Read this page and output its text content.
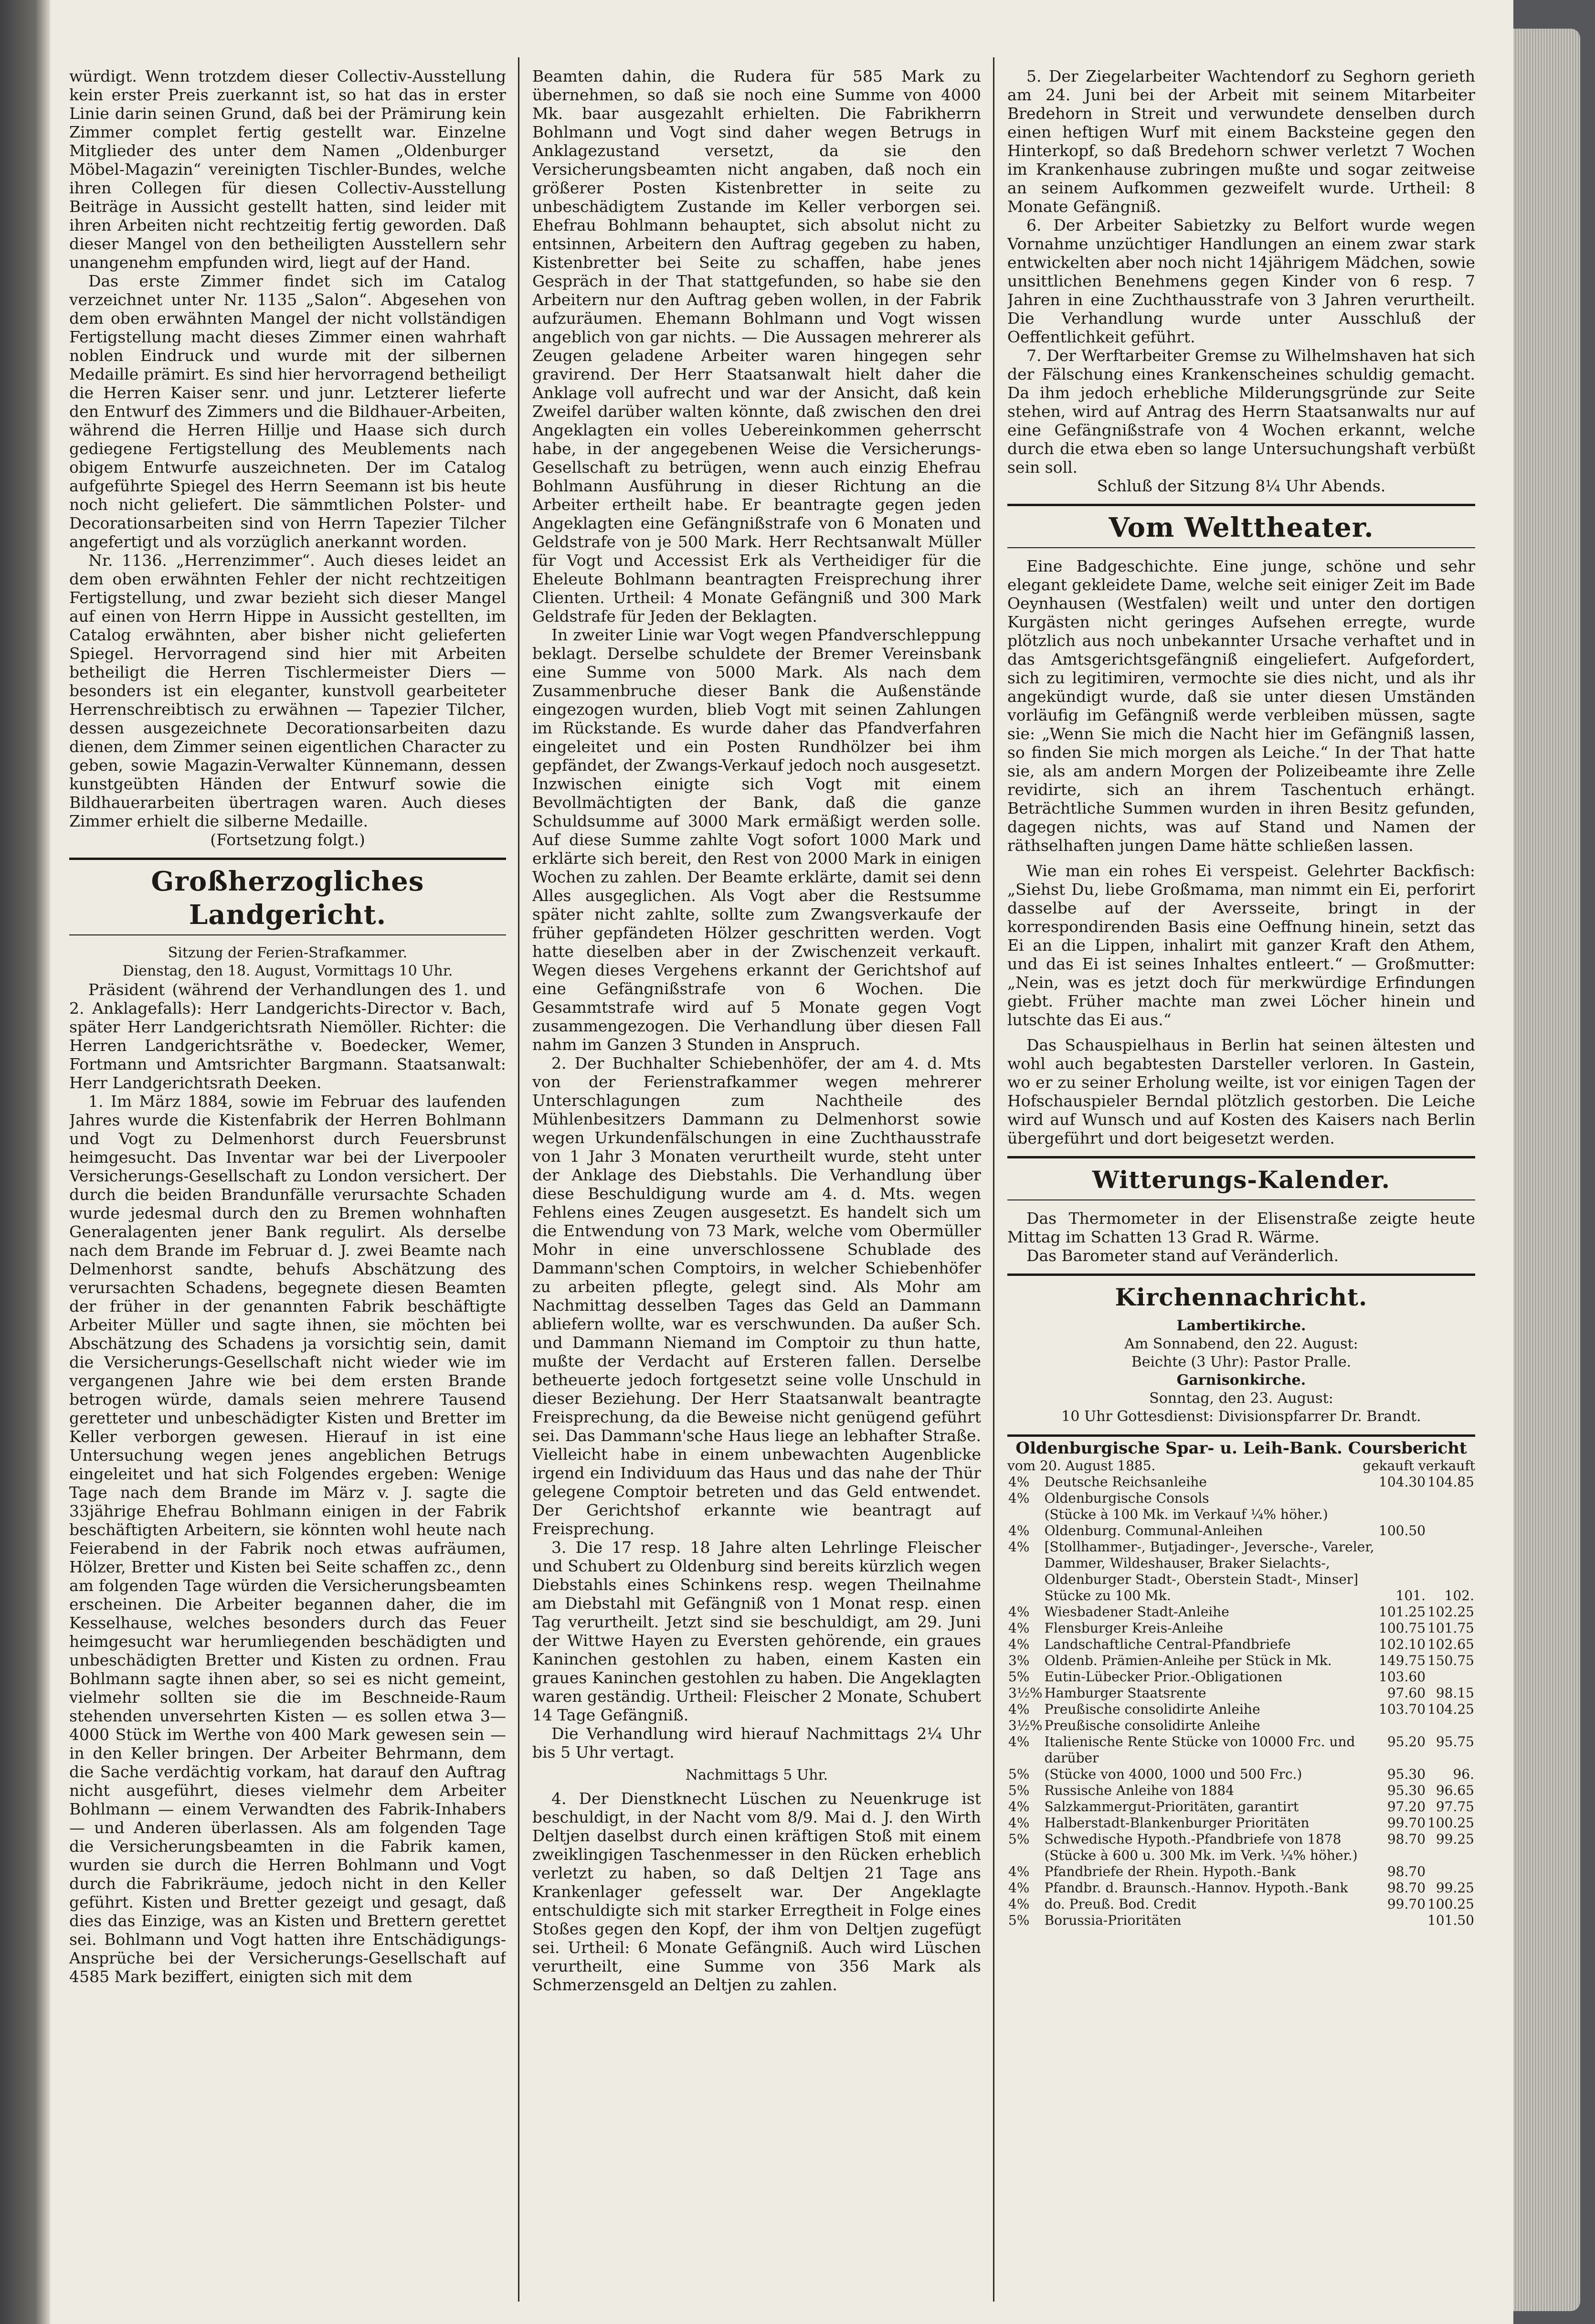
würdigt. Wenn trotzdem dieser Collectiv-Ausstellung kein erster Preis zuerkannt ist, so hat das in erster Linie darin seinen Grund, daß bei der Prämirung kein Zimmer complet fertig gestellt war. Einzelne Mitglieder des unter dem Namen „Oldenburger Möbel-Magazin“ vereinigten Tischler-Bundes, welche ihren Collegen für diesen Collectiv-Ausstellung Beiträge in Aussicht gestellt hatten, sind leider mit ihren Arbeiten nicht rechtzeitig fertig geworden. Daß dieser Mangel von den betheiligten Ausstellern sehr unangenehm empfunden wird, liegt auf der Hand.

Das erste Zimmer findet sich im Catalog verzeichnet unter Nr. 1135 „Salon“. Abgesehen von dem oben erwähnten Mangel der nicht vollständigen Fertigstellung macht dieses Zimmer einen wahrhaft noblen Eindruck und wurde mit der silbernen Medaille prämirt. Es sind hier hervorragend betheiligt die Herren Kaiser senr. und junr. Letzterer lieferte den Entwurf des Zimmers und die Bildhauer-Arbeiten, während die Herren Hillje und Haase sich durch gediegene Fertigstellung des Meublements nach obigem Entwurfe auszeichneten. Der im Catalog aufgeführte Spiegel des Herrn Seemann ist bis heute noch nicht geliefert. Die sämmtlichen Polster- und Decorationsarbeiten sind von Herrn Tapezier Tilcher angefertigt und als vorzüglich anerkannt worden.

Nr. 1136. „Herrenzimmer“. Auch dieses leidet an dem oben erwähnten Fehler der nicht rechtzeitigen Fertigstellung, und zwar bezieht sich dieser Mangel auf einen von Herrn Hippe in Aussicht gestellten, im Catalog erwähnten, aber bisher nicht gelieferten Spiegel. Hervorragend sind hier mit Arbeiten betheiligt die Herren Tischlermeister Diers — besonders ist ein eleganter, kunstvoll gearbeiteter Herrenschreibtisch zu erwähnen — Tapezier Tilcher, dessen ausgezeichnete Decorationsarbeiten dazu dienen, dem Zimmer seinen eigentlichen Character zu geben, sowie Magazin-Verwalter Künnemann, dessen kunstgeübten Händen der Entwurf sowie die Bildhauerarbeiten übertragen waren. Auch dieses Zimmer erhielt die silberne Medaille.

(Fortsetzung folgt.)

Großherzogliches Landgericht.
Sitzung der Ferien-Strafkammer.
Dienstag, den 18. August, Vormittags 10 Uhr.

Präsident (während der Verhandlungen des 1. und 2. Anklagefalls): Herr Landgerichts-Director v. Bach, später Herr Landgerichtsrath Niemöller. Richter: die Herren Landgerichtsräthe v. Boedecker, Wemer, Fortmann und Amtsrichter Bargmann. Staatsanwalt: Herr Landgerichtsrath Deeken.

1. Im März 1884, sowie im Februar des laufenden Jahres wurde die Kistenfabrik der Herren Bohlmann und Vogt zu Delmenhorst durch Feuersbrunst heimgesucht. Das Inventar war bei der Liverpooler Versicherungs-Gesellschaft zu London versichert. Der durch die beiden Brandunfälle verursachte Schaden wurde jedesmal durch den zu Bremen wohnhaften Generalagenten jener Bank regulirt. Als derselbe nach dem Brande im Februar d. J. zwei Beamte nach Delmenhorst sandte, behufs Abschätzung des verursachten Schadens, begegnete diesen Beamten der früher in der genannten Fabrik beschäftigte Arbeiter Müller und sagte ihnen, sie möchten bei Abschätzung des Schadens ja vorsichtig sein, damit die Versicherungs-Gesellschaft nicht wieder wie im vergangenen Jahre wie bei dem ersten Brande betrogen würde, damals seien mehrere Tausend geretteter und unbeschädigter Kisten und Bretter im Keller verborgen gewesen. Hierauf in ist eine Untersuchung wegen jenes angeblichen Betrugs eingeleitet und hat sich Folgendes ergeben: Wenige Tage nach dem Brande im März v. J. sagte die 33jährige Ehefrau Bohlmann einigen in der Fabrik beschäftigten Arbeitern, sie könnten wohl heute nach Feierabend in der Fabrik noch etwas aufräumen, Hölzer, Bretter und Kisten bei Seite schaffen zc., denn am folgenden Tage würden die Versicherungsbeamten erscheinen. Die Arbeiter begannen daher, die im Kesselhause, welches besonders durch das Feuer heimgesucht war herumliegenden beschädigten und unbeschädigten Bretter und Kisten zu ordnen. Frau Bohlmann sagte ihnen aber, so sei es nicht gemeint, vielmehr sollten sie die im Beschneide-Raum stehenden unversehrten Kisten — es sollen etwa 3—4000 Stück im Werthe von 400 Mark gewesen sein — in den Keller bringen. Der Arbeiter Behrmann, dem die Sache verdächtig vorkam, hat darauf den Auftrag nicht ausgeführt, dieses vielmehr dem Arbeiter Bohlmann — einem Verwandten des Fabrik-Inhabers — und Anderen überlassen. Als am folgenden Tage die Versicherungsbeamten in die Fabrik kamen, wurden sie durch die Herren Bohlmann und Vogt durch die Fabrikräume, jedoch nicht in den Keller geführt. Kisten und Bretter gezeigt und gesagt, daß dies das Einzige, was an Kisten und Brettern gerettet sei. Bohlmann und Vogt hatten ihre Entschädigungs-Ansprüche bei der Versicherungs-Gesellschaft auf 4585 Mark beziffert, einigten sich mit dem

Beamten dahin, die Rudera für 585 Mark zu übernehmen, so daß sie noch eine Summe von 4000 Mk. baar ausgezahlt erhielten. Die Fabrikherrn Bohlmann und Vogt sind daher wegen Betrugs in Anklagezustand versetzt, da sie den Versicherungsbeamten nicht angaben, daß noch ein größerer Posten Kistenbretter in seite zu unbeschädigtem Zustande im Keller verborgen sei. Ehefrau Bohlmann behauptet, sich absolut nicht zu entsinnen, Arbeitern den Auftrag gegeben zu haben, Kistenbretter bei Seite zu schaffen, habe jenes Gespräch in der That stattgefunden, so habe sie den Arbeitern nur den Auftrag geben wollen, in der Fabrik aufzuräumen. Ehemann Bohlmann und Vogt wissen angeblich von gar nichts. — Die Aussagen mehrerer als Zeugen geladene Arbeiter waren hingegen sehr gravirend. Der Herr Staatsanwalt hielt daher die Anklage voll aufrecht und war der Ansicht, daß kein Zweifel darüber walten könnte, daß zwischen den drei Angeklagten ein volles Uebereinkommen geherrscht habe, in der angegebenen Weise die Versicherungs-Gesellschaft zu betrügen, wenn auch einzig Ehefrau Bohlmann Ausführung in dieser Richtung an die Arbeiter ertheilt habe. Er beantragte gegen jeden Angeklagten eine Gefängnißstrafe von 6 Monaten und Geldstrafe von je 500 Mark. Herr Rechtsanwalt Müller für Vogt und Accessist Erk als Vertheidiger für die Eheleute Bohlmann beantragten Freisprechung ihrer Clienten. Urtheil: 4 Monate Gefängniß und 300 Mark Geldstrafe für Jeden der Beklagten.

In zweiter Linie war Vogt wegen Pfandverschleppung beklagt. Derselbe schuldete der Bremer Vereinsbank eine Summe von 5000 Mark. Als nach dem Zusammenbruche dieser Bank die Außenstände eingezogen wurden, blieb Vogt mit seinen Zahlungen im Rückstande. Es wurde daher das Pfandverfahren eingeleitet und ein Posten Rundhölzer bei ihm gepfändet, der Zwangs-Verkauf jedoch noch ausgesetzt. Inzwischen einigte sich Vogt mit einem Bevollmächtigten der Bank, daß die ganze Schuldsumme auf 3000 Mark ermäßigt werden solle. Auf diese Summe zahlte Vogt sofort 1000 Mark und erklärte sich bereit, den Rest von 2000 Mark in einigen Wochen zu zahlen. Der Beamte erklärte, damit sei denn Alles ausgeglichen. Als Vogt aber die Restsumme später nicht zahlte, sollte zum Zwangsverkaufe der früher gepfändeten Hölzer geschritten werden. Vogt hatte dieselben aber in der Zwischenzeit verkauft. Wegen dieses Vergehens erkannt der Gerichtshof auf eine Gefängnißstrafe von 6 Wochen. Die Gesammtstrafe wird auf 5 Monate gegen Vogt zusammengezogen. Die Verhandlung über diesen Fall nahm im Ganzen 3 Stunden in Anspruch.

2. Der Buchhalter Schiebenhöfer, der am 4. d. Mts von der Ferienstrafkammer wegen mehrerer Unterschlagungen zum Nachtheile des Mühlenbesitzers Dammann zu Delmenhorst sowie wegen Urkundenfälschungen in eine Zuchthausstrafe von 1 Jahr 3 Monaten verurtheilt wurde, steht unter der Anklage des Diebstahls. Die Verhandlung über diese Beschuldigung wurde am 4. d. Mts. wegen Fehlens eines Zeugen ausgesetzt. Es handelt sich um die Entwendung von 73 Mark, welche vom Obermüller Mohr in eine unverschlossene Schublade des Dammann'schen Comptoirs, in welcher Schiebenhöfer zu arbeiten pflegte, gelegt sind. Als Mohr am Nachmittag desselben Tages das Geld an Dammann abliefern wollte, war es verschwunden. Da außer Sch. und Dammann Niemand im Comptoir zu thun hatte, mußte der Verdacht auf Ersteren fallen. Derselbe betheuerte jedoch fortgesetzt seine volle Unschuld in dieser Beziehung. Der Herr Staatsanwalt beantragte Freisprechung, da die Beweise nicht genügend geführt sei. Das Dammann'sche Haus liege an lebhafter Straße. Vielleicht habe in einem unbewachten Augenblicke irgend ein Individuum das Haus und das nahe der Thür gelegene Comptoir betreten und das Geld entwendet. Der Gerichtshof erkannte wie beantragt auf Freisprechung.

3. Die 17 resp. 18 Jahre alten Lehrlinge Fleischer und Schubert zu Oldenburg sind bereits kürzlich wegen Diebstahls eines Schinkens resp. wegen Theilnahme am Diebstahl mit Gefängniß von 1 Monat resp. einen Tag verurtheilt. Jetzt sind sie beschuldigt, am 29. Juni der Wittwe Hayen zu Eversten gehörende, ein graues Kaninchen gestohlen zu haben, einem Kasten ein graues Kaninchen gestohlen zu haben. Die Angeklagten waren geständig. Urtheil: Fleischer 2 Monate, Schubert 14 Tage Gefängniß.

Die Verhandlung wird hierauf Nachmittags 2¼ Uhr bis 5 Uhr vertagt.

Nachmittags 5 Uhr.

4. Der Dienstknecht Lüschen zu Neuenkruge ist beschuldigt, in der Nacht vom 8/9. Mai d. J. den Wirth Deltjen daselbst durch einen kräftigen Stoß mit einem zweiklingigen Taschenmesser in den Rücken erheblich verletzt zu haben, so daß Deltjen 21 Tage ans Krankenlager gefesselt war. Der Angeklagte entschuldigte sich mit starker Erregtheit in Folge eines Stoßes gegen den Kopf, der ihm von Deltjen zugefügt sei. Urtheil: 6 Monate Gefängniß. Auch wird Lüschen verurtheilt, eine Summe von 356 Mark als Schmerzensgeld an Deltjen zu zahlen.

5. Der Ziegelarbeiter Wachtendorf zu Seghorn gerieth am 24. Juni bei der Arbeit mit seinem Mitarbeiter Bredehorn in Streit und verwundete denselben durch einen heftigen Wurf mit einem Backsteine gegen den Hinterkopf, so daß Bredehorn schwer verletzt 7 Wochen im Krankenhause zubringen mußte und sogar zeitweise an seinem Aufkommen gezweifelt wurde. Urtheil: 8 Monate Gefängniß.

6. Der Arbeiter Sabietzky zu Belfort wurde wegen Vornahme unzüchtiger Handlungen an einem zwar stark entwickelten aber noch nicht 14jährigem Mädchen, sowie unsittlichen Benehmens gegen Kinder von 6 resp. 7 Jahren in eine Zuchthausstrafe von 3 Jahren verurtheilt. Die Verhandlung wurde unter Ausschluß der Oeffentlichkeit geführt.

7. Der Werftarbeiter Gremse zu Wilhelmshaven hat sich der Fälschung eines Krankenscheines schuldig gemacht. Da ihm jedoch erhebliche Milderungsgründe zur Seite stehen, wird auf Antrag des Herrn Staatsanwalts nur auf eine Gefängnißstrafe von 4 Wochen erkannt, welche durch die etwa eben so lange Untersuchungshaft verbüßt sein soll.

Schluß der Sitzung 8¼ Uhr Abends.

Vom Welttheater.

Eine Badgeschichte. Eine junge, schöne und sehr elegant gekleidete Dame, welche seit einiger Zeit im Bade Oeynhausen (Westfalen) weilt und unter den dortigen Kurgästen nicht geringes Aufsehen erregte, wurde plötzlich aus noch unbekannter Ursache verhaftet und in das Amtsgerichtsgefängniß eingeliefert. Aufgefordert, sich zu legitimiren, vermochte sie dies nicht, und als ihr angekündigt wurde, daß sie unter diesen Umständen vorläufig im Gefängniß werde verbleiben müssen, sagte sie: „Wenn Sie mich die Nacht hier im Gefängniß lassen, so finden Sie mich morgen als Leiche.“ In der That hatte sie, als am andern Morgen der Polizeibeamte ihre Zelle revidirte, sich an ihrem Taschentuch erhängt. Beträchtliche Summen wurden in ihren Besitz gefunden, dagegen nichts, was auf Stand und Namen der räthselhaften jungen Dame hätte schließen lassen.

Wie man ein rohes Ei verspeist. Gelehrter Backfisch: „Siehst Du, liebe Großmama, man nimmt ein Ei, perforirt dasselbe auf der Aversseite, bringt in der korrespondirenden Basis eine Oeffnung hinein, setzt das Ei an die Lippen, inhalirt mit ganzer Kraft den Athem, und das Ei ist seines Inhaltes entleert.“ — Großmutter: „Nein, was es jetzt doch für merkwürdige Erfindungen giebt. Früher machte man zwei Löcher hinein und lutschte das Ei aus.“

Das Schauspielhaus in Berlin hat seinen ältesten und wohl auch begabtesten Darsteller verloren. In Gastein, wo er zu seiner Erholung weilte, ist vor einigen Tagen der Hofschauspieler Berndal plötzlich gestorben. Die Leiche wird auf Wunsch und auf Kosten des Kaisers nach Berlin übergeführt und dort beigesetzt werden.

Witterungs-Kalender.

Das Thermometer in der Elisenstraße zeigte heute Mittag im Schatten 13 Grad R. Wärme.

Das Barometer stand auf Veränderlich.

Kirchennachricht.
Lambertikirche.
Am Sonnabend, den 22. August:
Beichte (3 Uhr): Pastor Pralle.
Garnisonkirche.
Sonntag, den 23. August:
10 Uhr Gottesdienst: Divisionspfarrer Dr. Brandt.
Oldenburgische Spar- u. Leih-Bank. Coursbericht
vom 20. August 1885.	gekauft verkauft
4%	Deutsche Reichsanleihe	104.30	104.85
4%	Oldenburgische Consols		
	(Stücke à 100 Mk. im Verkauf ¼% höher.)		
4%	Oldenburg. Communal-Anleihen	100.50	
4%	[Stollhammer-, Butjadinger-, Jeversche-, Vareler, Dammer, Wildeshauser, Braker Sielachts-, Oldenburger Stadt-, Oberstein Stadt-, Minser]		
	Stücke zu 100 Mk.	101.	102.
4%	Wiesbadener Stadt-Anleihe	101.25	102.25
4%	Flensburger Kreis-Anleihe	100.75	101.75
4%	Landschaftliche Central-Pfandbriefe	102.10	102.65
3%	Oldenb. Prämien-Anleihe per Stück in Mk.	149.75	150.75
5%	Eutin-Lübecker Prior.-Obligationen	103.60	
3½%	Hamburger Staatsrente	97.60	98.15
4%	Preußische consolidirte Anleihe	103.70	104.25
3½%	Preußische consolidirte Anleihe		
4%	Italienische Rente Stücke von 10000 Frc. und darüber	95.20	95.75
5%	(Stücke von 4000, 1000 und 500 Frc.)	95.30	96.
5%	Russische Anleihe von 1884	95.30	96.65
4%	Salzkammergut-Prioritäten, garantirt	97.20	97.75
4%	Halberstadt-Blankenburger Prioritäten	99.70	100.25
5%	Schwedische Hypoth.-Pfandbriefe von 1878	98.70	99.25
	(Stücke à 600 u. 300 Mk. im Verk. ¼% höher.)		
4%	Pfandbriefe der Rhein. Hypoth.-Bank	98.70	
4%	Pfandbr. d. Braunsch.-Hannov. Hypoth.-Bank	98.70	99.25
4%	do. Preuß. Bod. Credit	99.70	100.25
5%	Borussia-Prioritäten		101.50
